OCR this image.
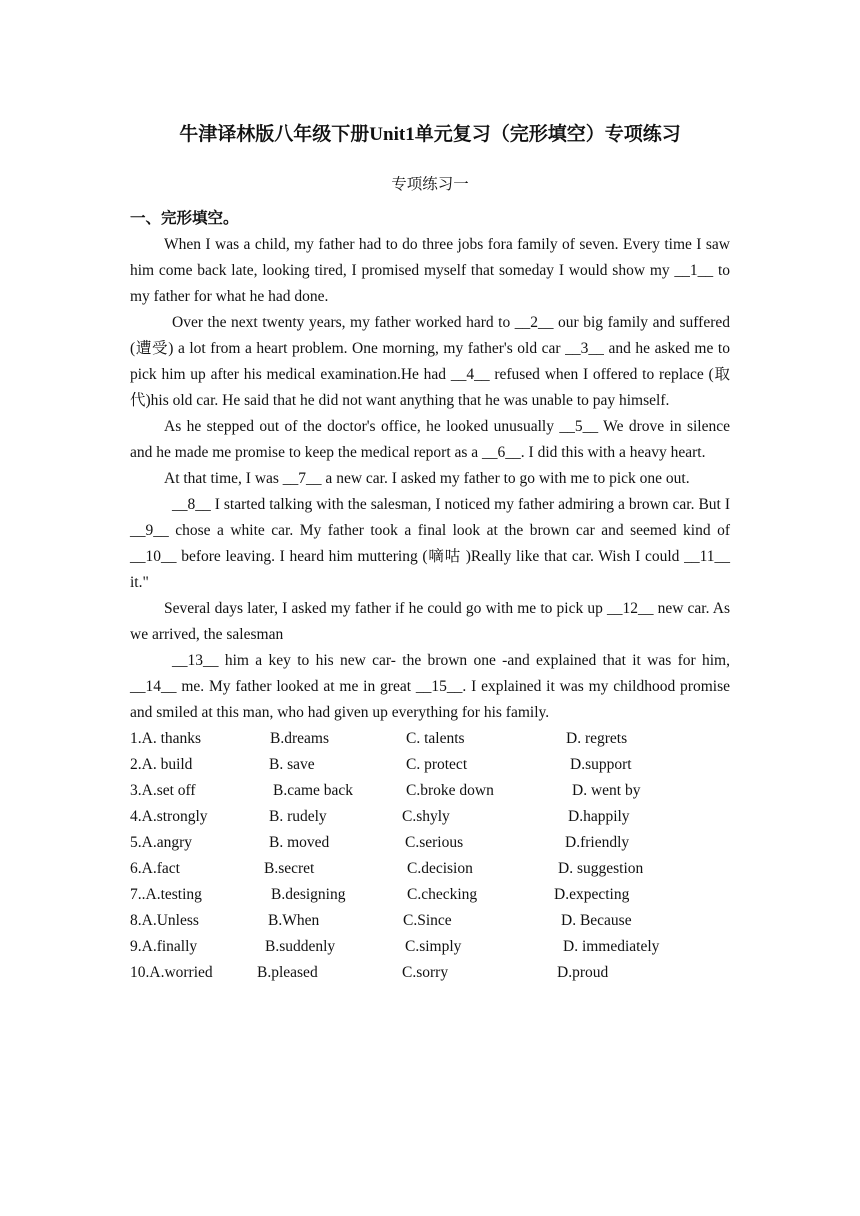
牛津译林版八年级下册Unit1单元复习（完形填空）专项练习
专项练习一
一、完形填空。

When I was a child, my father had to do three jobs fora family of seven. Every time I saw him come back late, looking tired, I promised myself that someday I would show my __1__ to my father for what he had done.

Over the next twenty years, my father worked hard to __2__ our big family and suffered (遭受) a lot from a heart problem. One morning, my father's old car __3__ and he asked me to pick him up after his medical examination.He had __4__ refused when I offered to replace (取代)his old car. He said that he did not want anything that he was unable to pay himself.

As he stepped out of the doctor's office, he looked unusually __5__ We drove in silence and he made me promise to keep the medical report as a __6__. I did this with a heavy heart.

At that time, I was __7__ a new car. I asked my father to go with me to pick one out.

__8__ I started talking with the salesman, I noticed my father admiring a brown car. But I __9__ chose a white car. My father took a final look at the brown car and seemed kind of __10__ before leaving. I heard him muttering (嘀咕 )Really like that car. Wish I could __11__ it."

Several days later, I asked my father if he could go with me to pick up __12__ new car. As we arrived, the salesman

__13__ him a key to his new car- the brown one -and explained that it was for him, __14__ me. My father looked at me in great __15__. I explained it was my childhood promise and smiled at this man, who had given up everything for his family.

1.A. thanks	B.dreams	C. talents	D. regrets
2.A. build	B. save	C. protect	D.support
3.A.set off	B.came back	C.broke down	D. went by
4.A.strongly	B. rudely	C.shyly	D.happily
5.A.angry	B. moved	C.serious	D.friendly
6.A.fact	B.secret	C.decision	D. suggestion
7..A.testing	B.designing	C.checking	D.expecting
8.A.Unless	B.When	C.Since	D. Because
9.A.finally	B.suddenly	C.simply	D. immediately
10.A.worried	B.pleased	C.sorry	D.proud
